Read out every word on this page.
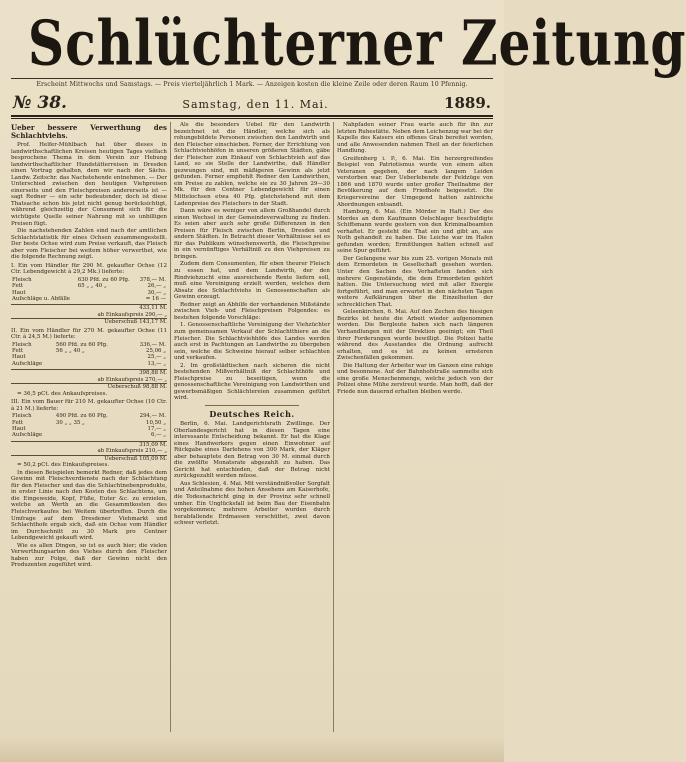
Schlüchterner Zeitung
Erscheint Mittwochs und Samstags. — Preis vierteljährlich 1 Mark. — Anzeigen kosten die kleine Zeile oder deren Raum 10 Pfennig.
№ 38.	Samstag, den 11. Mai.	1889.
Ueber bessere Verwerthung des Schlachtviehs.

Prof. Helfer-Mühlbach hat über dieses in landwirthschaftlichen Kreisen heutigen Tages vielfach besprochene Thema in dem Verein zur Hebung landwirthschaftlicher Hundstätterreisen in Dresden einen Vortrag gehalten, dem wir nach der Sächs. Landw. Zeitschr. das Nachstehende entnehmen. — Der Unterschied zwischen den heutigen Viehpreisen einerseits und den Fleischpreisen andererseits ist — sagt Redner — ein sehr bedeutender, doch ist diese Thatsache schon bis jetzt nicht genug berücksichtigt, während gleichzeitig der Consument sich für die wichtigste Quelle seiner Nahrung mit so unbilligen Preisen fügt.

Die nachstehenden Zahlen sind nach der amtlichen Schlachtstatistik für eines Ochsen zusammengestellt. Der beste Ochse wird zum Preise verkauft, das Fleisch aber vom Fleischer bei weitem höher verwerthet, wie die folgende Rechnung zeigt.

I. Ein vom Händler für 290 M. gekaufter Ochse (12 Ctr. Lebendgewicht à 29,2 Mk.) lieferte:
Fleisch	630 Pfd. zu 60 Pfg.	378,— M.
Fett	65 „ „ 40 „	26,— „
Haut		30,— „
Aufschläge u. Abfälle		= 16 —
433,11 M.
ab Einkaufspreis 290,— „
Ueberschuß 143,17 M.
II. Ein vom Händler für 270 M. gekaufter Ochse (11 Ctr. à 24,5 M.) lieferte:
Fleisch	560 Pfd. zu 60 Pfg.	336,— M.
Fett	56 „ „ 40 „	25,06 „
Haut		25,— „
Aufschläge		13,— „
398,88 M.
ab Einkaufspreis 270,— „
Ueberschuß 98,88 M.

= 36,5 pCt. des Ankaufspreises.

III. Ein vom Bauer für 210 M. gekaufter Ochse (10 Ctr. à 21 M.) lieferte:
Fleisch	490 Pfd. zu 60 Pfg.	294,— M.
Fett	30 „ „ 35 „	10,50 „
Haut		17,— „
Aufschläge		6,— „
315,09 M.
ab Einkaufspreis 210,— „
Ueberschuß 105,09 M.

= 50,2 pCt. des Einkaufspreises.

In diesen Beispielen bemerkt Redner, daß jedes dem Gewinn mit Fleischverdienste nach der Schlachtung für den Fleischer und das die Schlachtnebenprodukte, in erster Linie nach den Kosten des Schlachtens, um die Eingeweide, Kopf, Füße, Euter &c. zu erzielen, welche an Werth an die Gesammtkosten des Fleischverkaufes bei Weitem übertreffen. Durch die Umfrage auf dem Dresdener Viehmarkt und Schlachthofe ergab sich, daß ein Ochse vom Händler im Durchschnitt zu 30 Mark pro Centner Lebendgewicht gekauft wird.

Wie es allen Dingen, so ist es auch hier; die vielen Verwerthungsarten des Viehes durch den Fleischer haben zur Folge, daß der Gewinn nicht den Produzenten zugeführt wird.

Als die besonders Uebel für den Landwirth bezeichnet ist die Händler, welche sich als rohungebildete Personen zwischen den Landwirth und den Fleischer einschieben. Ferner, der Errichtung von Schlachtviehhöfen in unseren größeren Städten, gäbe der Fleischer zum Einkauf von Schlachtvieh auf das Land, so sie Stelle der Landwirthe, daß Händler gezwungen sind, mit mäßigeren Gewinn als jetzt gefunden. Ferner empfiehlt Redner den Landwirthen, ein Preise zu zahlen, welche sie zu 30 Jahren 29—30 Mk. für den Centner Lebendgewicht für einen Mittelochsen etwa 40 Pfg. gleichstehend mit dem Ladenpreise des Fleischers in der Stadt.

Dann wäre es weniger von allem Großhandel durch einen Wechsel in der Gemeindeverwaltung zu finden. Es seien aber auch sehr große Differenzen in den Preisen für Fleisch zwischen Berlin, Dresden und andern Städten. In Betracht dieser Verhältnisse sei es für das Publikum wünschenswerth, die Fleischpreise in ein vernünftiges Verhältniß zu den Viehpreisen zu bringen.

Zudem dem Consumenten, für eben theurer Fleisch zu essen hat, und dem Landwirth, der den Rindviehzucht eine ausreichende Rente liefern soll, muß eine Vereinigung erzielt werden, welches dem Absatz des Schlachtviehs in Genossenschaften als Gewinn erzeugt.

Redner zeigt an Abhilfe der vorhandenen Mißstände zwischen Vieh- und Fleischpreisen Folgendes: es bestehen folgende Vorschläge:

1. Genossenschaftliche Vereinigung der Viehzüchter zum gemeinsamen Verkauf der Schlachtthiere an die Fleischer. Die Schlachtviehhöfe des Landes werden auch erst in Pachtungen an Landwirthe zu übergeben sein, welche die Schweine hierauf selber schlachten und verkaufen.

2. Im großstädtischen nach sicheren die nicht bestehenden Mißverhältniß der Schlachthöfe und Fleischpreise zu beseitigen, wenn die genossenschaftliche Vereinigung von Landwirthen und gewerbsmäßigen Schlächtereien zusammen geführt wird.

Deutsches Reich.

Berlin, 6. Mai. Landgerichtsrath Zwillinge. Der Oberlandesgericht hat in diesen Tagen eine interessante Entscheidung bekannt. Er hat die Klage eines Handwerkers gegen einen Einwohner auf Rückgabe eines Darlehens von 300 Mark, der Kläger aber behauptete den Betrag von 30 M. einmal durch die zwölfte Monatsrate abgezahlt zu haben. Das Gericht hat entschieden, daß der Betrag nicht zurückgezahlt werden müsse.

Aus Schlesien, 4. Mai. Mit verständnißvoller Sorgfalt und Anteilnahme des hohen Ansehens am Kaiserhofe, die Todesnachricht ging in der Provinz sehr schnell umher. Ein Unglücksfall ist beim Bau der Eisenbahn vorgekommen; mehrere Arbeiter wurden durch herabfallende Erdmassen verschüttet, zwei davon schwer verletzt.

Nahpfaden seiner Frau warte auch für ihn zur letzten Ruhestätte. Neben dem Leichenzug war bei der Kapelle des Kaisers ein offenes Grab bereitet worden, und alle Anwesenden nahmen Theil an der feierlichen Handlung.

Greifenberg i. P., 6. Mai. Ein herzergreifendes Beispiel von Patriotismus wurde von einem alten Veteranen gegeben, der nach langem Leiden verstorben war. Der Ueberlebende der Feldzüge von 1866 und 1870 wurde unter großer Theilnahme der Bevölkerung auf dem Friedhofe beigesetzt. Die Kriegervereine der Umgegend hatten zahlreiche Abordnungen entsandt.

Hamburg, 6. Mai. (Ein Mörder in Haft.) Der des Mordes an dem Kaufmann Oelschlager beschuldigte Schiffsmann wurde gestern von den Kriminalbeamten verhaftet. Er gesteht die That ein und gibt an, aus Noth gehandelt zu haben. Die Leiche war im Hafen gefunden worden; Ermittlungen hatten schnell auf seine Spur geführt.

Der Gefangene war bis zum 25. vorigen Monats mit dem Ermordeten in Gesellschaft gesehen worden. Unter den Sachen des Verhafteten fanden sich mehrere Gegenstände, die dem Ermordeten gehört hatten. Die Untersuchung wird mit aller Energie fortgeführt, und man erwartet in den nächsten Tagen weitere Aufklärungen über die Einzelheiten der schrecklichen That.

Gelsenkirchen, 6. Mai. Auf den Zechen des hiesigen Bezirks ist heute die Arbeit wieder aufgenommen worden. Die Bergleute haben sich nach längeren Verhandlungen mit der Direktion geeinigt; ein Theil ihrer Forderungen wurde bewilligt. Die Polizei hatte während des Ausstandes die Ordnung aufrecht erhalten, und es ist zu keinen ernsteren Zwischenfällen gekommen.

Die Haltung der Arbeiter war im Ganzen eine ruhige und besonnene. Auf der Bahnhofstraße sammelte sich eine große Menschenmenge, welche jedoch von der Polizei ohne Mühe zerstreut wurde. Man hofft, daß der Friede nun dauernd erhalten bleiben werde.
